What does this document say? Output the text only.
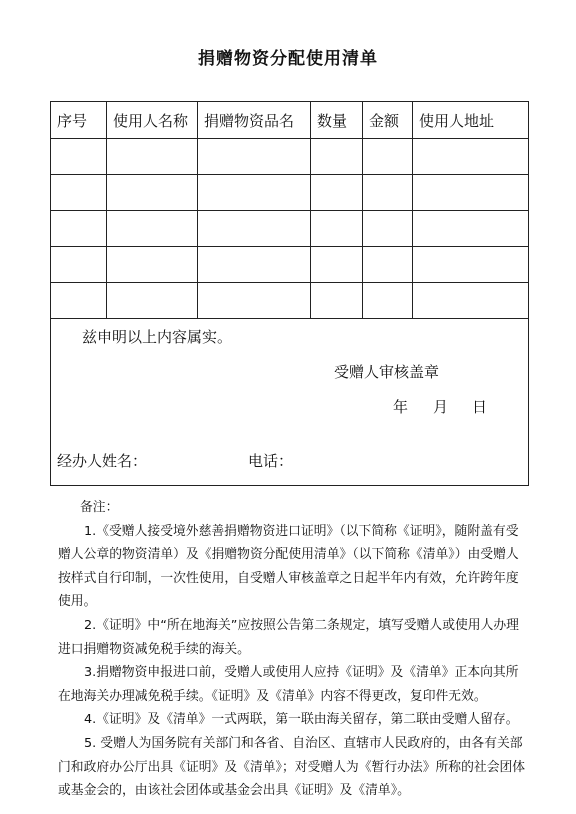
捐赠物资分配使用清单
序号	使用人名称	捐赠物资品名	数量	金额	使用人地址

兹申明以上内容属实。
受赠人审核盖章
年 月 日
经办人姓名：	电话：

备注：

1.《受赠人接受境外慈善捐赠物资进口证明》（以下简称《证明》，随附盖有受赠人公章的物资清单）及《捐赠物资分配使用清单》（以下简称《清单》）由受赠人按样式自行印制，一次性使用，自受赠人审核盖章之日起半年内有效，允许跨年度使用。

2.《证明》中“所在地海关”应按照公告第二条规定，填写受赠人或使用人办理进口捐赠物资减免税手续的海关。

3.捐赠物资申报进口前，受赠人或使用人应持《证明》及《清单》正本向其所在地海关办理减免税手续。《证明》及《清单》内容不得更改，复印件无效。

4.《证明》及《清单》一式两联，第一联由海关留存，第二联由受赠人留存。

5. 受赠人为国务院有关部门和各省、自治区、直辖市人民政府的，由各有关部门和政府办公厅出具《证明》及《清单》；对受赠人为《暂行办法》所称的社会团体或基金会的，由该社会团体或基金会出具《证明》及《清单》。
